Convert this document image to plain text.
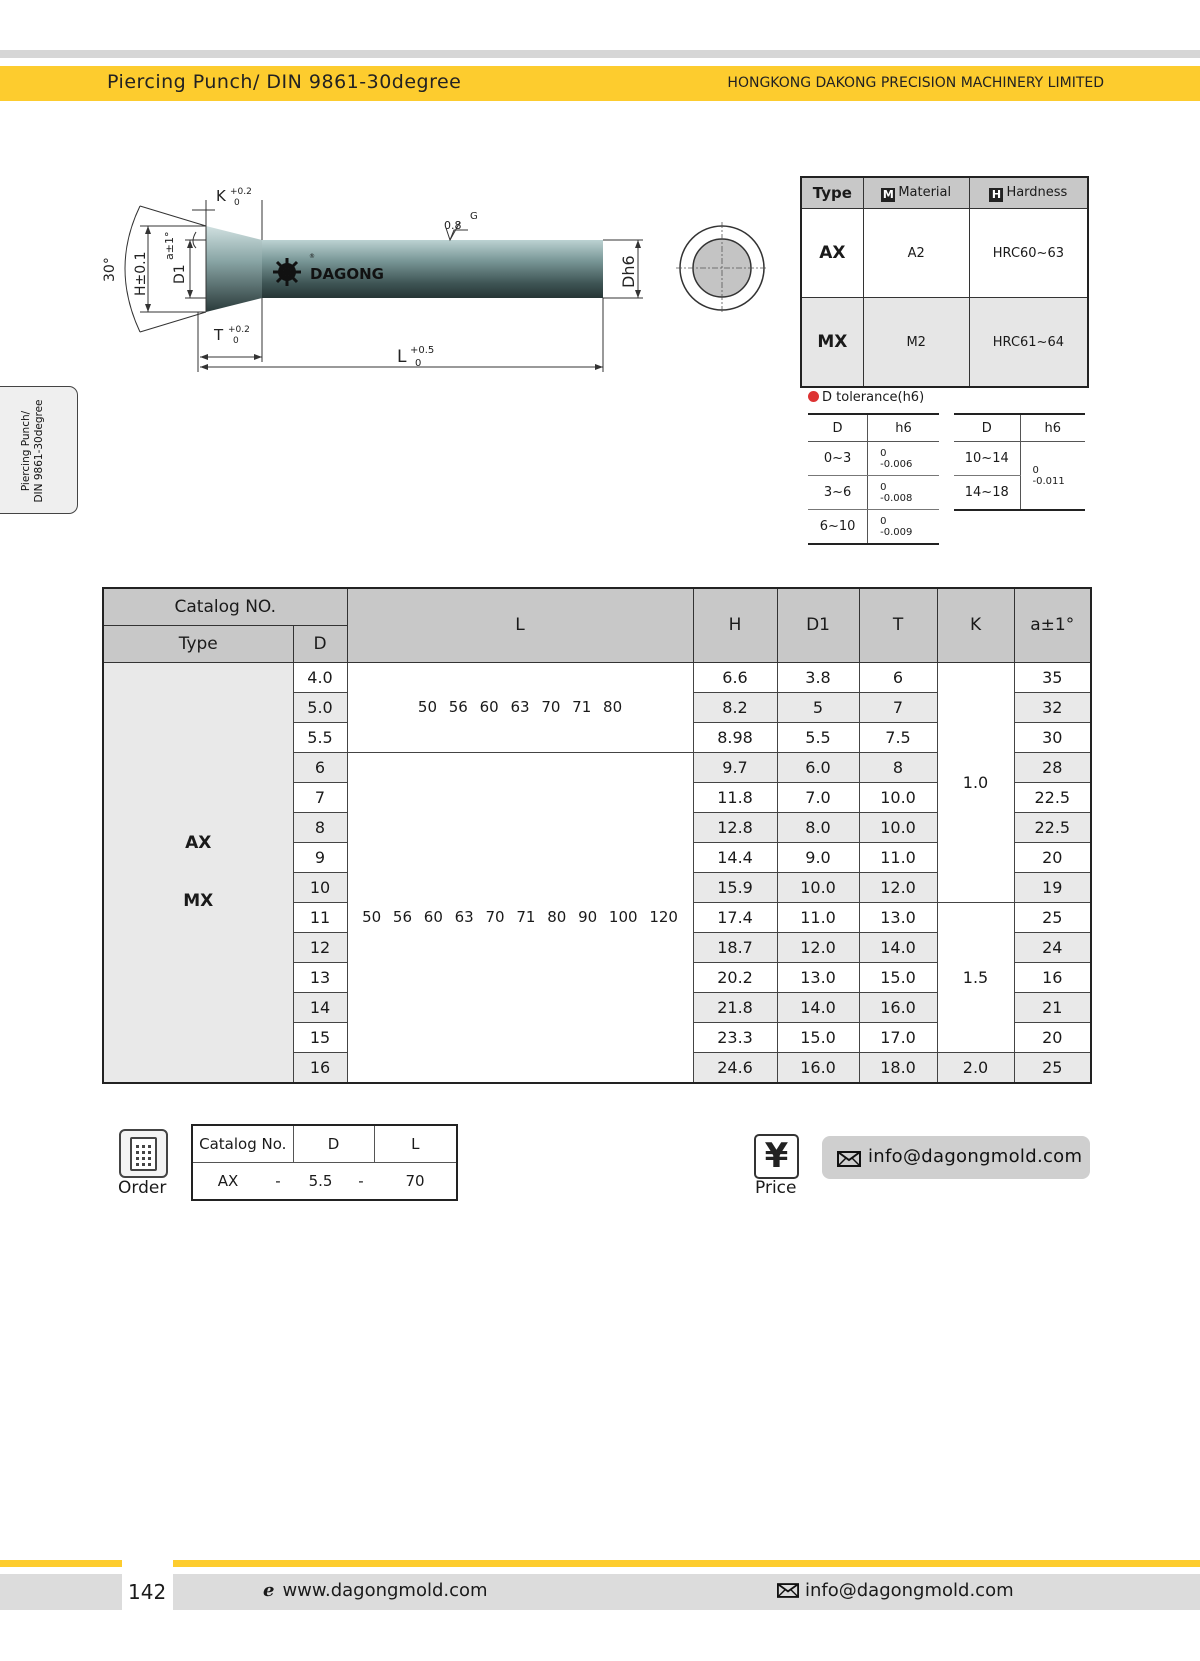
Piercing Punch/ DIN 9861-30degree	HONGKONG DAKONG PRECISION MACHINERY LIMITED
Piercing Punch/ DIN 9861-30degree
DAGONG
®
K +0.2
0
T +0.2
0
L +0.5
0
0.8
G
30° H±0.1
a±1°
D1	Dh6
Type	M Material	H Hardness
AX	A2	HRC60~63
MX	M2	HRC61~64
D tolerance(h6)
D	h6
0~3	0
-0.006

3~6	0
-0.008

6~10	0
-0.009
D	h6
10~14	0
-0.011

14~18	
Catalog NO.		L	H	D1	T	K	a±1°
Type	D						

AX
MX	4.0	50 56 60 63 70 71 80	6.6	3.8	6	1.0	35
	5.0		8.2	5	7		32
	5.5		8.98	5.5	7.5		30
	6	50 56 60 63 70 71 80 90 100 120	9.7	6.0	8		28
	7		11.8	7.0	10.0		22.5
	8		12.8	8.0	10.0		22.5
	9		14.4	9.0	11.0		20
	10		15.9	10.0	12.0		19
	11		17.4	11.0	13.0	1.5	25
	12		18.7	12.0	14.0		24
	13		20.2	13.0	15.0		16
	14		21.8	14.0	16.0		21
	15		23.3	15.0	17.0		20
	16		24.6	16.0	18.0	2.0	25
Order
Catalog No.		D		L
AX	-	5.5	-	70
¥
Price
info@dagongmold.com
142	e www.dagongmold.com	info@dagongmold.com
